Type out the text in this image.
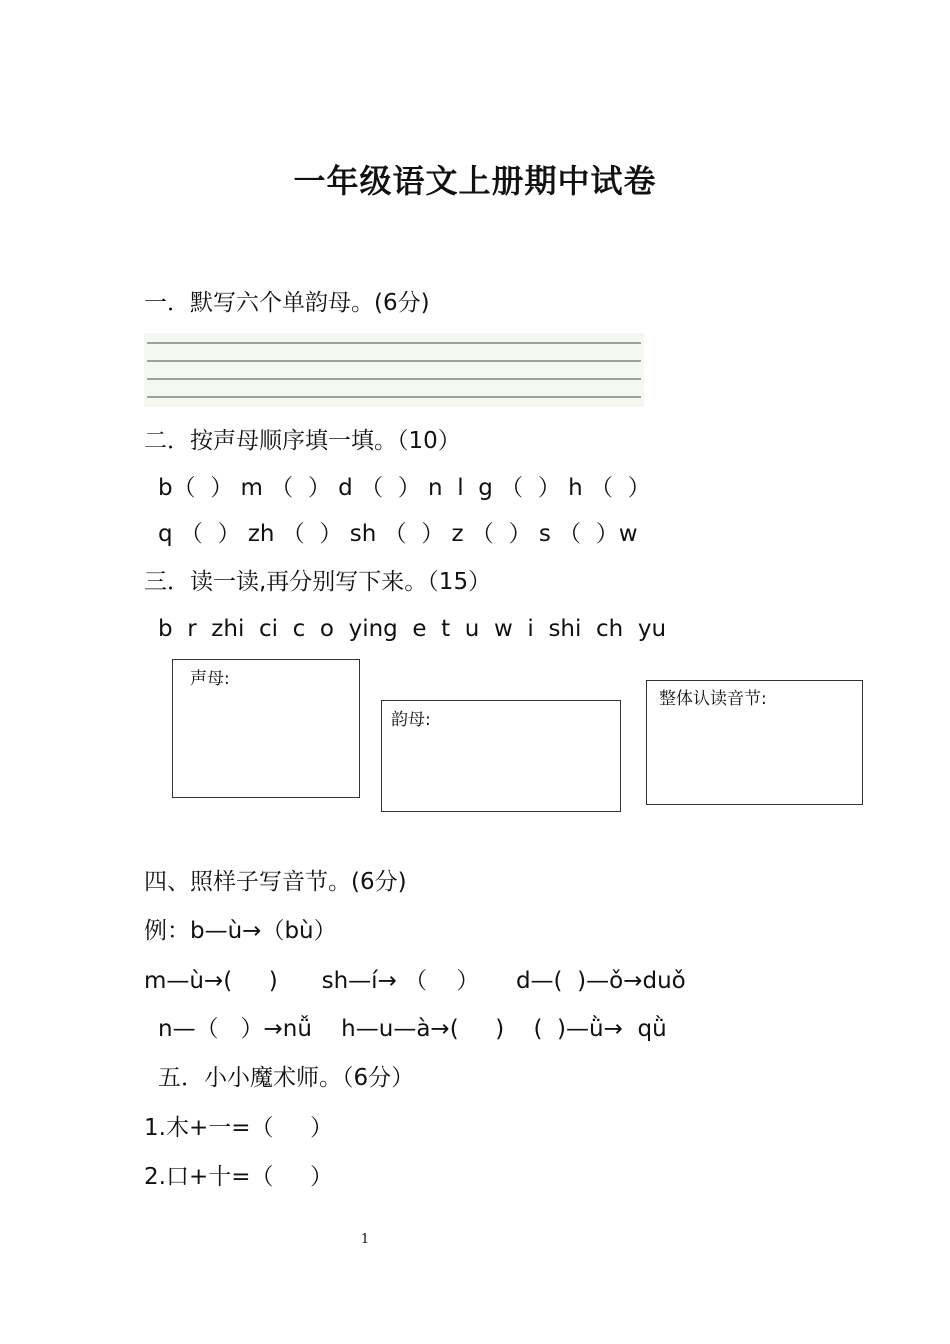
一年级语文上册期中试卷
一．默写六个单韵母。(6分)
二．按声母顺序填一填。（10）
b（  ） m （  ） d （  ） n  l  g （  ） h （  ）
q （  ） zh （  ） sh （  ） z （  ） s （  ）w
三．读一读,再分别写下来。（15）
b  r  zhi  ci  c  o  ying  e  t  u  w  i  shi  ch  yu
声母:
韵母:
整体认读音节:
四、照样子写音节。(6分)
例：b—ù→（bù）
m—ù→(     )      sh—í→ （    ）     d—(  )—ǒ→duǒ
n—（   ）→nǚ    h—u—à→(     )    (  )—ǜ→  qǜ
五．小小魔术师。（6分）
1.木+一=（     ）
2.口+十=（     ）
1
